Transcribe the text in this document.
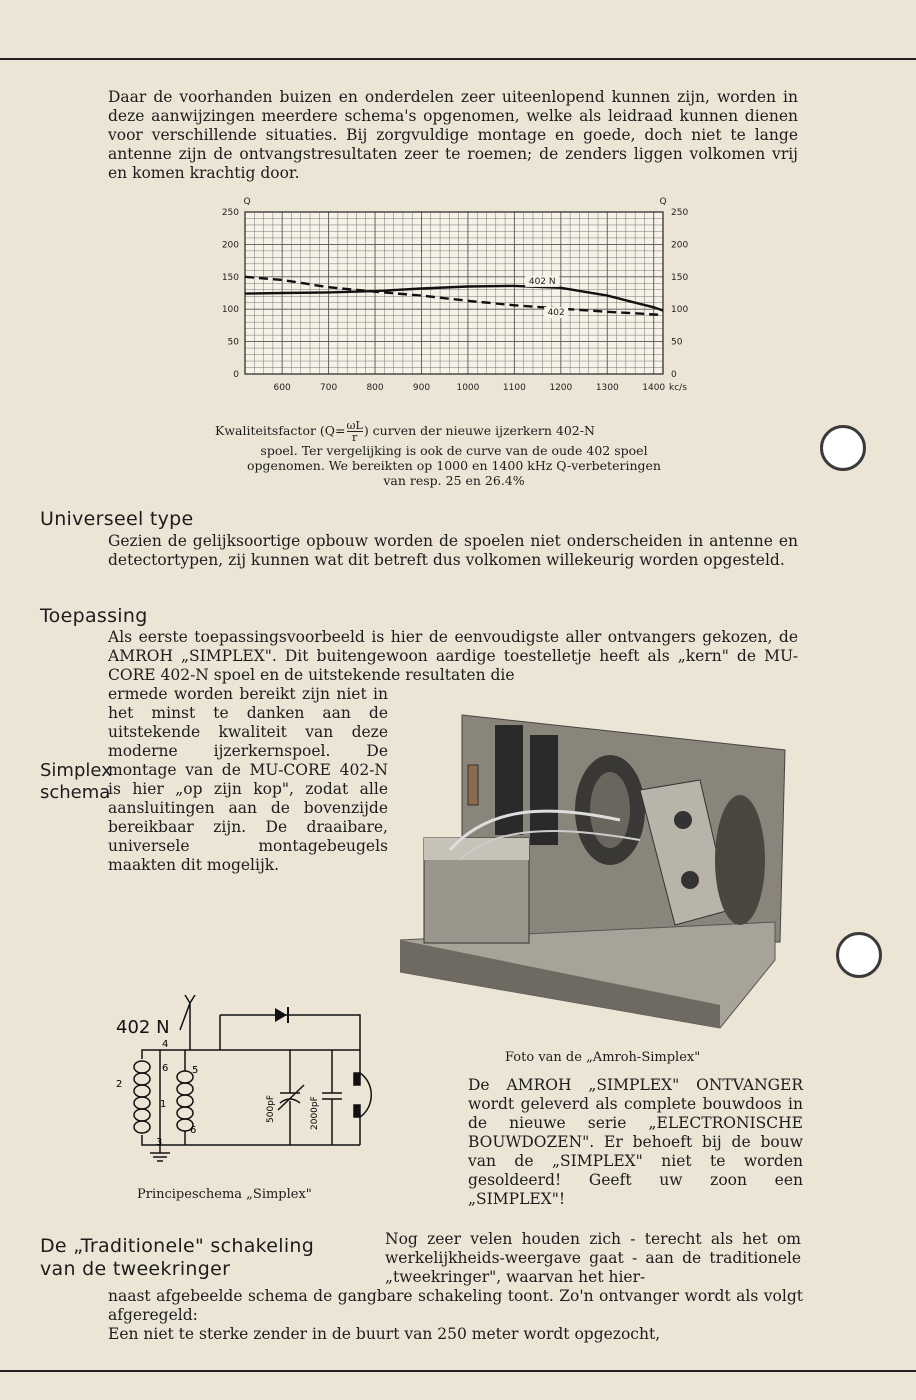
Daar de voorhanden buizen en onderdelen zeer uiteenlopend kunnen zijn, worden in deze aanwijzingen meerdere schema's opgenomen, welke als leidraad kunnen dienen voor verschillende situaties. Bij zorgvuldige montage en goede, doch niet te lange antenne zijn de ontvangstresultaten zeer te roemen; de zenders liggen volkomen vrij en komen krachtig door.
0	0
50	50
100	100
150	150
200	200
250	250
600	700	800	900	1000	1100	1200	1300	1400 kc/s
Q	Q
402 N
402
Kwaliteitsfactor ($Q= \frac{\omega L}{r}$ ) curven der nieuwe ijzerkern 402-N
spoel. Ter vergelijking is ook de curve van de oude 402 spoel
opgenomen. We bereikten op 1000 en 1400 kHz Q-verbeteringen
van resp. 25 en 26.4%
Universeel type
Gezien de gelijksoortige opbouw worden de spoelen niet onderscheiden in antenne en detectortypen, zij kunnen wat dit betreft dus volkomen willekeurig worden opgesteld.
Toepassing
Als eerste toepassingsvoorbeeld is hier de eenvoudigste aller ontvangers gekozen, de AMROH „SIMPLEX". Dit buitengewoon aardige toestelletje heeft als „kern" de MU-CORE 402-N spoel en de uitstekende resultaten die
ermede worden bereikt zijn niet in het minst te danken aan de uitstekende kwaliteit van deze moderne ijzerkernspoel. De montage van de MU-CORE 402-N is hier „op zijn kop", zodat alle aansluitingen aan de bovenzijde bereikbaar zijn. De draaibare, universele montagebeugels maakten dit mogelijk.
Simplex
schema
Foto van de „Amroh-Simplex"
De AMROH „SIMPLEX" ONTVANGER wordt geleverd als complete bouwdoos in de nieuwe serie „ELECTRONISCHE BOUWDOZEN". Er behoeft bij de bouw van de „SIMPLEX" niet te worden gesoldeerd! Geeft uw zoon een „SIMPLEX"!
402 N
4
2
1
3
5
6
6
500pF	2000pF
Principeschema „Simplex"
De „Traditionele" schakeling
van de tweekringer
Nog zeer velen houden zich - terecht als het om werkelijkheids-weergave gaat - aan de traditionele „tweekringer", waarvan het hier-
naast afgebeelde schema de gangbare schakeling toont. Zo'n ontvanger wordt als volgt afgeregeld:
Een niet te sterke zender in de buurt van 250 meter wordt opgezocht,
